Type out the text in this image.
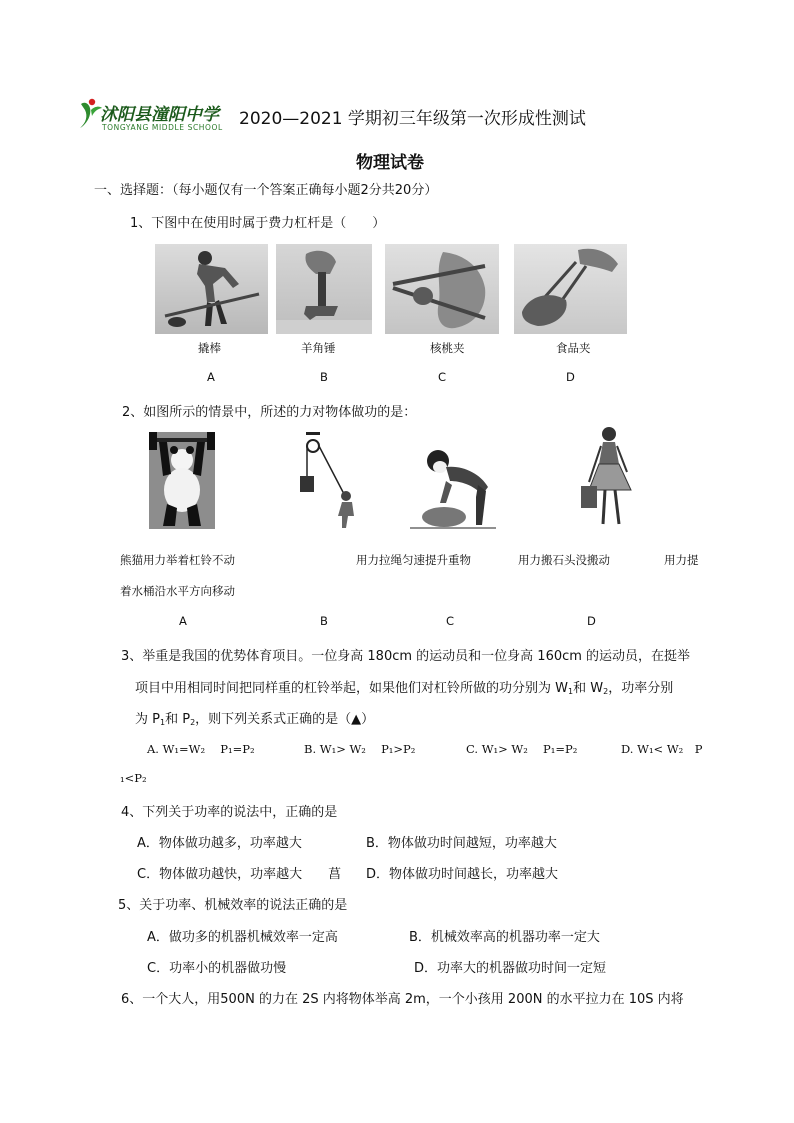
沭阳县潼阳中学
TONGYANG MIDDLE SCHOOL 2020—2021 学期初三年级第一次形成性测试
物理试卷
一、选择题：（每小题仅有一个答案正确每小题2分共20分）
1、下图中在使用时属于费力杠杆是（　　）
撬棒	羊角锤	核桃夹	食品夹
A	B	C	D
2、如图所示的情景中，所述的力对物体做功的是：
熊猫用力举着杠铃不动	用力拉绳匀速提升重物	用力搬石头没搬动	用力提
着水桶沿水平方向移动
A	B	C	D
3、举重是我国的优势体育项目。一位身高 180cm 的运动员和一位身高 160cm 的运动员，在挺举
项目中用相同时间把同样重的杠铃举起，如果他们对杠铃所做的功分别为 $W_1$和 $W_2$，功率分别
为 $P_1$和 $P_2$，则下列关系式正确的是（▲）
A. W₁=W₂　 P₁=P₂	B. W₁> W₂　 P₁>P₂	C. W₁> W₂　 P₁=P₂	D. W₁< W₂　P
₁<P₂
4、下列关于功率的说法中，正确的是
A．物体做功越多，功率越大	B．物体做功时间越短，功率越大
C．物体做功越快，功率越大　　菖 D．物体做功时间越长，功率越大
5、关于功率、机械效率的说法正确的是
A．做功多的机器机械效率一定高	B．机械效率高的机器功率一定大
C．功率小的机器做功慢	D．功率大的机器做功时间一定短
6、一个大人，用500N 的力在 2S 内将物体举高 2m，一个小孩用 200N 的水平拉力在 10S 内将
